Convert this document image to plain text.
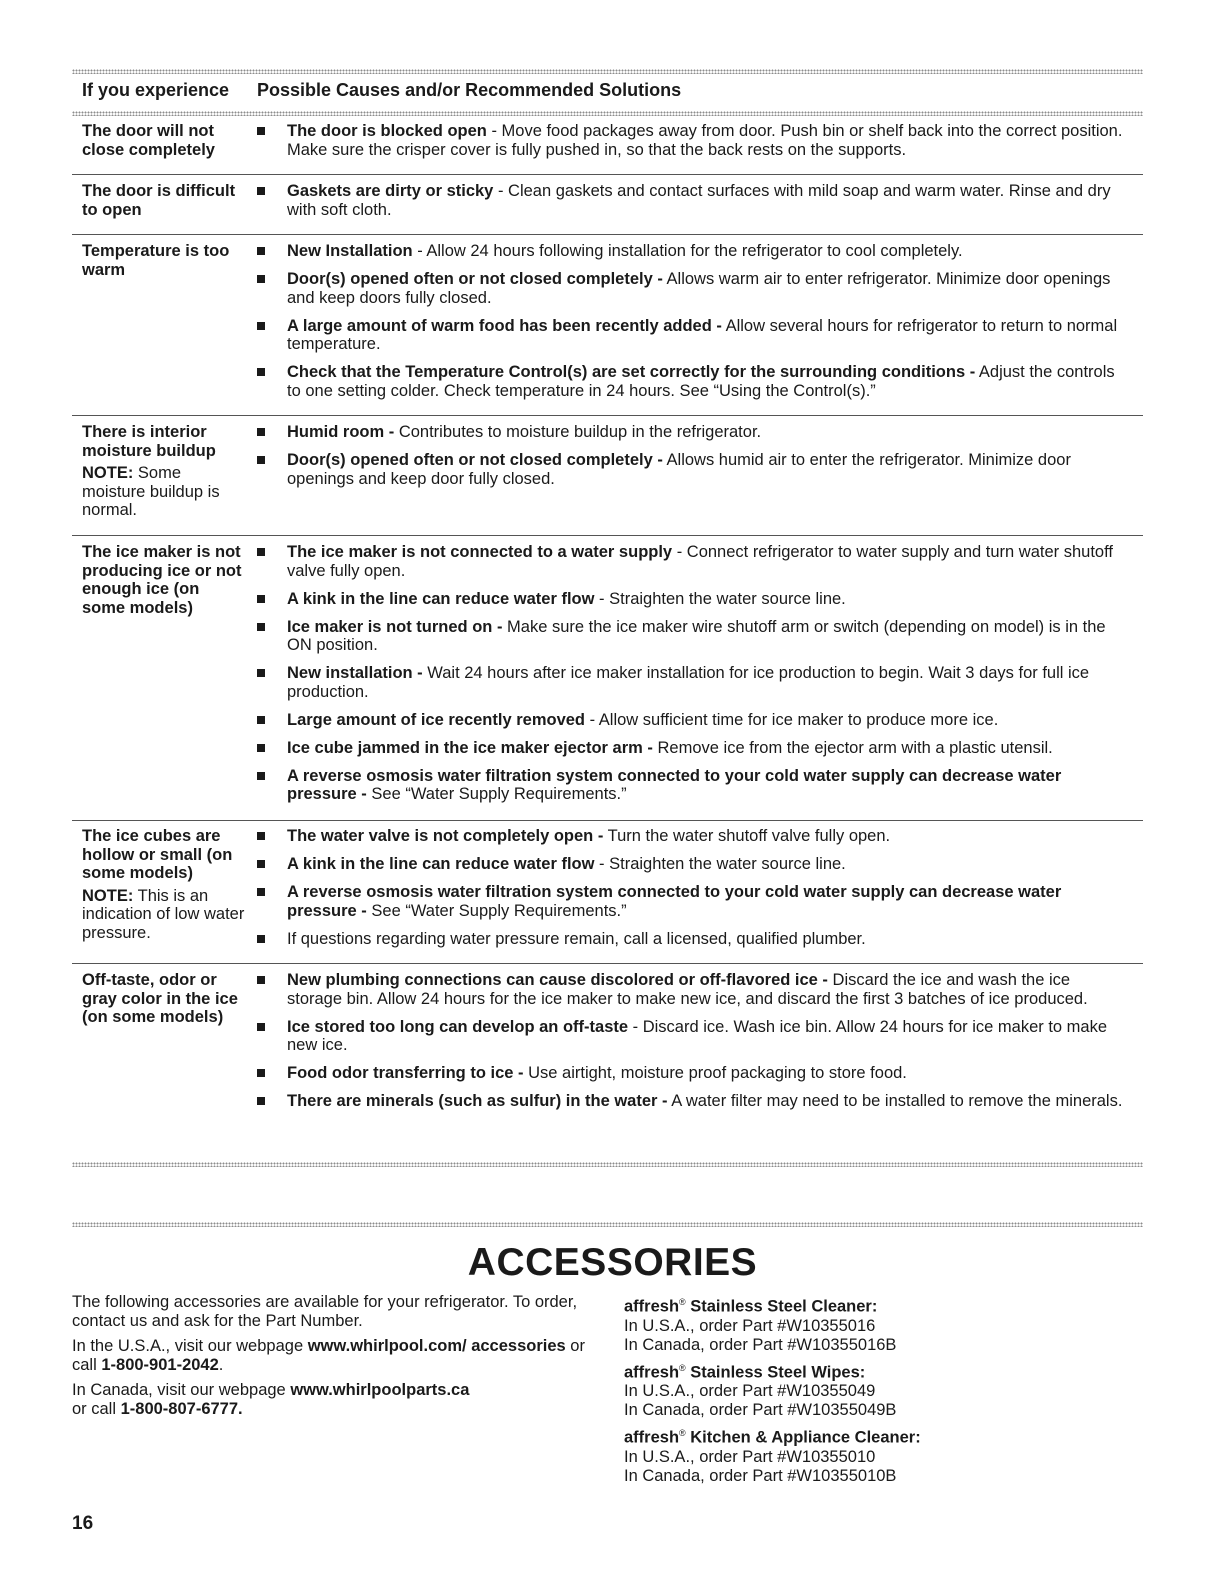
If you experience Possible Causes and/or Recommended Solutions
The door will not close completely
The door is blocked open - Move food packages away from door. Push bin or shelf back into the correct position. Make sure the crisper cover is fully pushed in, so that the back rests on the supports.
The door is difficult to open
Gaskets are dirty or sticky - Clean gaskets and contact surfaces with mild soap and warm water. Rinse and dry with soft cloth.
Temperature is too warm
New Installation - Allow 24 hours following installation for the refrigerator to cool completely.
Door(s) opened often or not closed completely - Allows warm air to enter refrigerator. Minimize door openings and keep doors fully closed.
A large amount of warm food has been recently added - Allow several hours for refrigerator to return to normal temperature.
Check that the Temperature Control(s) are set correctly for the surrounding conditions - Adjust the controls to one setting colder. Check temperature in 24 hours. See “Using the Control(s).”
There is interior moisture buildup
NOTE: Some moisture buildup is normal.
Humid room - Contributes to moisture buildup in the refrigerator.
Door(s) opened often or not closed completely - Allows humid air to enter the refrigerator. Minimize door openings and keep door fully closed.
The ice maker is not producing ice or not enough ice (on some models)
The ice maker is not connected to a water supply - Connect refrigerator to water supply and turn water shutoff valve fully open.
A kink in the line can reduce water flow - Straighten the water source line.
Ice maker is not turned on - Make sure the ice maker wire shutoff arm or switch (depending on model) is in the ON position.
New installation - Wait 24 hours after ice maker installation for ice production to begin. Wait 3 days for full ice production.
Large amount of ice recently removed - Allow sufficient time for ice maker to produce more ice.
Ice cube jammed in the ice maker ejector arm - Remove ice from the ejector arm with a plastic utensil.
A reverse osmosis water filtration system connected to your cold water supply can decrease water pressure - See “Water Supply Requirements.”
The ice cubes are hollow or small (on some models)
NOTE: This is an indication of low water pressure.
The water valve is not completely open - Turn the water shutoff valve fully open.
A kink in the line can reduce water flow - Straighten the water source line.
A reverse osmosis water filtration system connected to your cold water supply can decrease water pressure - See “Water Supply Requirements.”
If questions regarding water pressure remain, call a licensed, qualified plumber.
Off-taste, odor or gray color in the ice (on some models)
New plumbing connections can cause discolored or off-flavored ice - Discard the ice and wash the ice storage bin. Allow 24 hours for the ice maker to make new ice, and discard the first 3 batches of ice produced.
Ice stored too long can develop an off-taste - Discard ice. Wash ice bin. Allow 24 hours for ice maker to make new ice.
Food odor transferring to ice - Use airtight, moisture proof packaging to store food.
There are minerals (such as sulfur) in the water - A water filter may need to be installed to remove the minerals.
ACCESSORIES

The following accessories are available for your refrigerator. To order, contact us and ask for the Part Number.

In the U.S.A., visit our webpage www.whirlpool.com/ accessories or call 1-800-901-2042.

In Canada, visit our webpage www.whirlpoolparts.ca
or call 1-800-807-6777.

affresh® Stainless Steel Cleaner:
In U.S.A., order Part #W10355016
In Canada, order Part #W10355016B
affresh® Stainless Steel Wipes:
In U.S.A., order Part #W10355049
In Canada, order Part #W10355049B
affresh® Kitchen & Appliance Cleaner:
In U.S.A., order Part #W10355010
In Canada, order Part #W10355010B
16
